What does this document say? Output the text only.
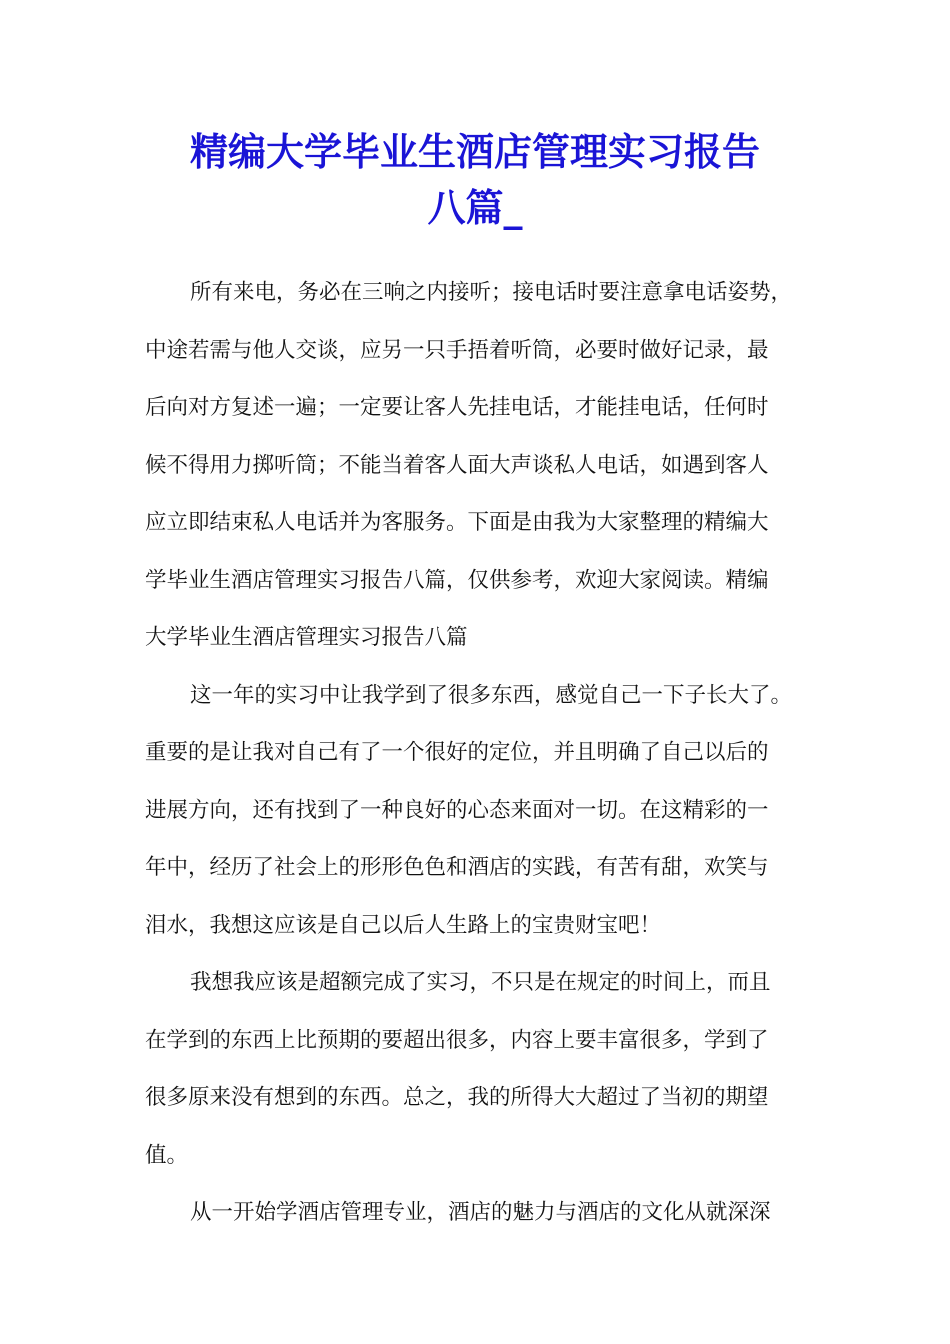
精编大学毕业生酒店管理实习报告
八篇_
所有来电，务必在三响之内接听；接电话时要注意拿电话姿势，
中途若需与他人交谈，应另一只手捂着听筒，必要时做好记录，最
后向对方复述一遍；一定要让客人先挂电话，才能挂电话，任何时
候不得用力掷听筒；不能当着客人面大声谈私人电话，如遇到客人
应立即结束私人电话并为客服务。下面是由我为大家整理的精编大
学毕业生酒店管理实习报告八篇，仅供参考，欢迎大家阅读。精编
大学毕业生酒店管理实习报告八篇
这一年的实习中让我学到了很多东西，感觉自己一下子长大了。
重要的是让我对自己有了一个很好的定位，并且明确了自己以后的
进展方向，还有找到了一种良好的心态来面对一切。在这精彩的一
年中，经历了社会上的形形色色和酒店的实践，有苦有甜，欢笑与
泪水，我想这应该是自己以后人生路上的宝贵财宝吧！
我想我应该是超额完成了实习，不只是在规定的时间上，而且
在学到的东西上比预期的要超出很多，内容上要丰富很多，学到了
很多原来没有想到的东西。总之，我的所得大大超过了当初的期望
值。
从一开始学酒店管理专业，酒店的魅力与酒店的文化从就深深
